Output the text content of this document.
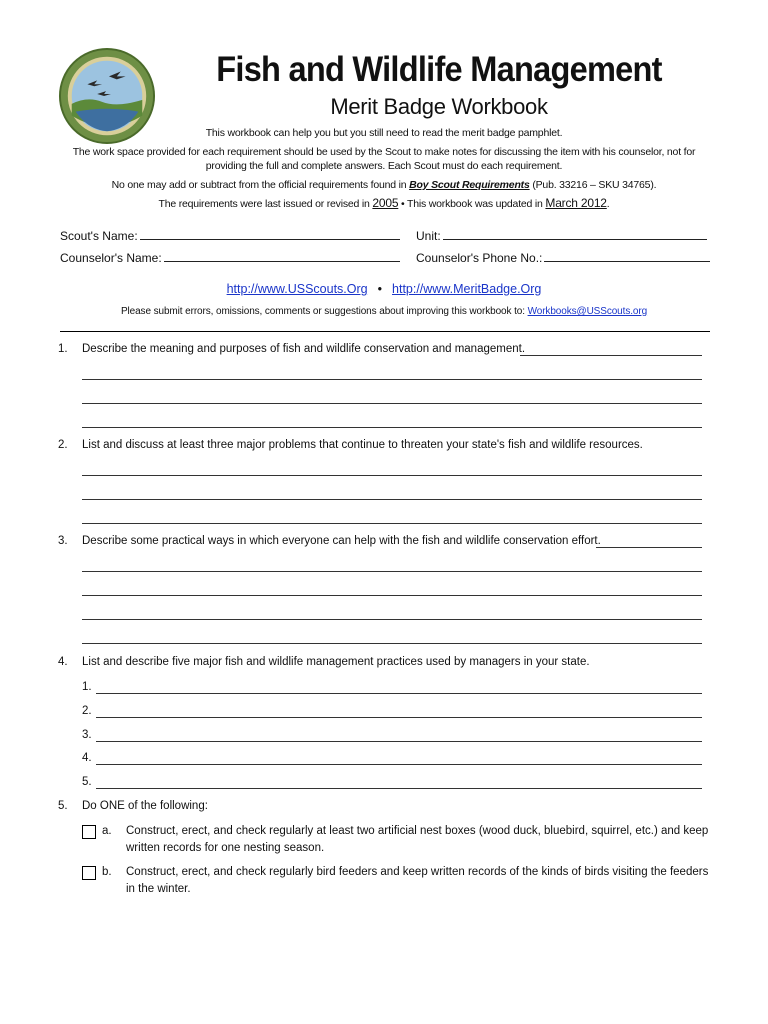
Fish and Wildlife Management
Merit Badge Workbook
This workbook can help you but you still need to read the merit badge pamphlet.
The work space provided for each requirement should be used by the Scout to make notes for discussing the item with his counselor, not for
providing the full and complete answers. Each Scout must do each requirement.
No one may add or subtract from the official requirements found in Boy Scout Requirements (Pub. 33216 – SKU 34765).
The requirements were last issued or revised in 2005 • This workbook was updated in March 2012.
Scout's Name:	Unit:
Counselor's Name:	Counselor's Phone No.:
http://www.USScouts.Org • http://www.MeritBadge.Org
Please submit errors, omissions, comments or suggestions about improving this workbook to: Workbooks@USScouts.org
1. Describe the meaning and purposes of fish and wildlife conservation and management.
2. List and discuss at least three major problems that continue to threaten your state's fish and wildlife resources.
3. Describe some practical ways in which everyone can help with the fish and wildlife conservation effort.
4. List and describe five major fish and wildlife management practices used by managers in your state.
1.
2.
3.
4.
5.
5. Do ONE of the following:
a. Construct, erect, and check regularly at least two artificial nest boxes (wood duck, bluebird, squirrel, etc.) and keep
written records for one nesting season.
b. Construct, erect, and check regularly bird feeders and keep written records of the kinds of birds visiting the feeders
in the winter.
